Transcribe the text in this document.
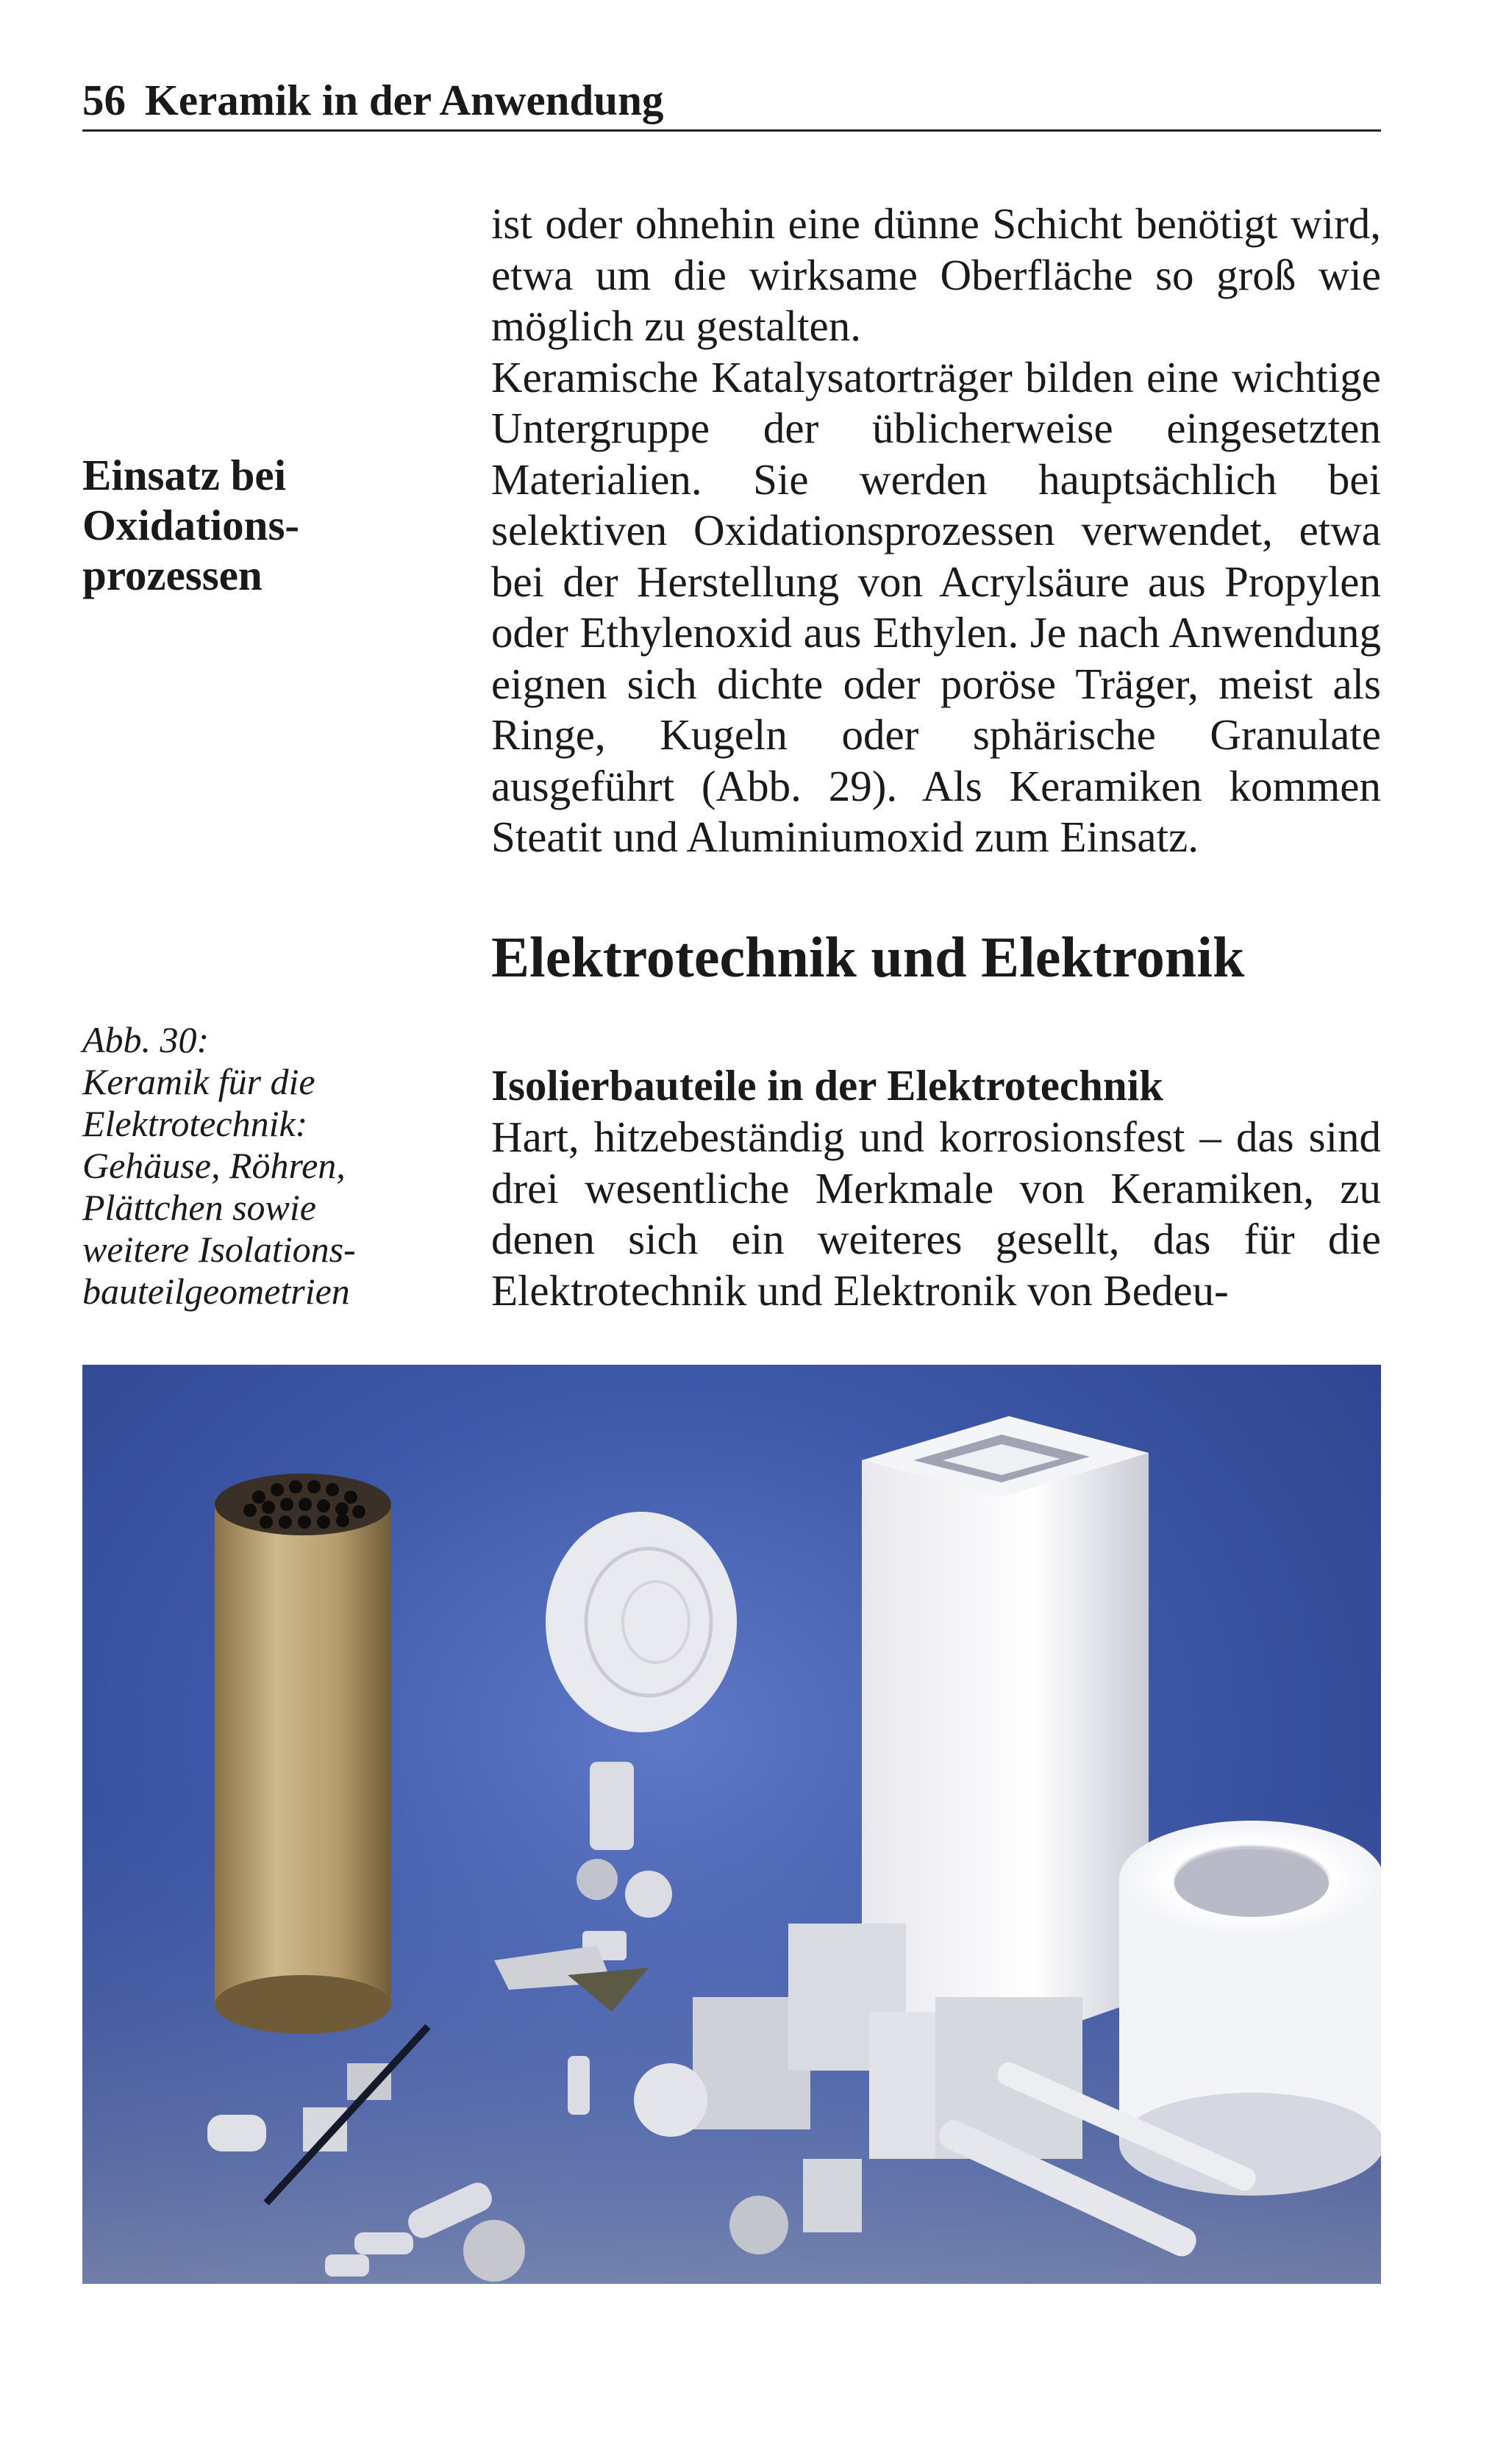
56 Keramik in der Anwendung
Einsatz bei
Oxidations-
prozessen
Abb. 30:
Keramik für die
Elektrotechnik:
Gehäuse, Röhren,
Plättchen sowie
weitere Isolations-
bauteilgeometrien

ist oder ohnehin eine dünne Schicht benötigt wird, etwa um die wirksame Oberfläche so groß wie möglich zu gestalten.

Keramische Katalysatorträger bilden eine wichtige Untergruppe der üblicherweise eingesetzten Materialien. Sie werden hauptsächlich bei selektiven Oxidationsprozessen verwendet, etwa bei der Herstellung von Acrylsäure aus Propylen oder Ethylenoxid aus Ethylen. Je nach Anwendung eignen sich dichte oder poröse Träger, meist als Ringe, Kugeln oder sphärische Granulate ausgeführt (Abb. 29). Als Keramiken kommen Steatit und Aluminiumoxid zum Einsatz.

Elektrotechnik und Elektronik
Isolierbauteile in der Elektrotechnik

Hart, hitzebeständig und korrosionsfest – das sind drei wesentliche Merkmale von Keramiken, zu denen sich ein weiteres gesellt, das für die Elektrotechnik und Elektronik von Bedeu-
